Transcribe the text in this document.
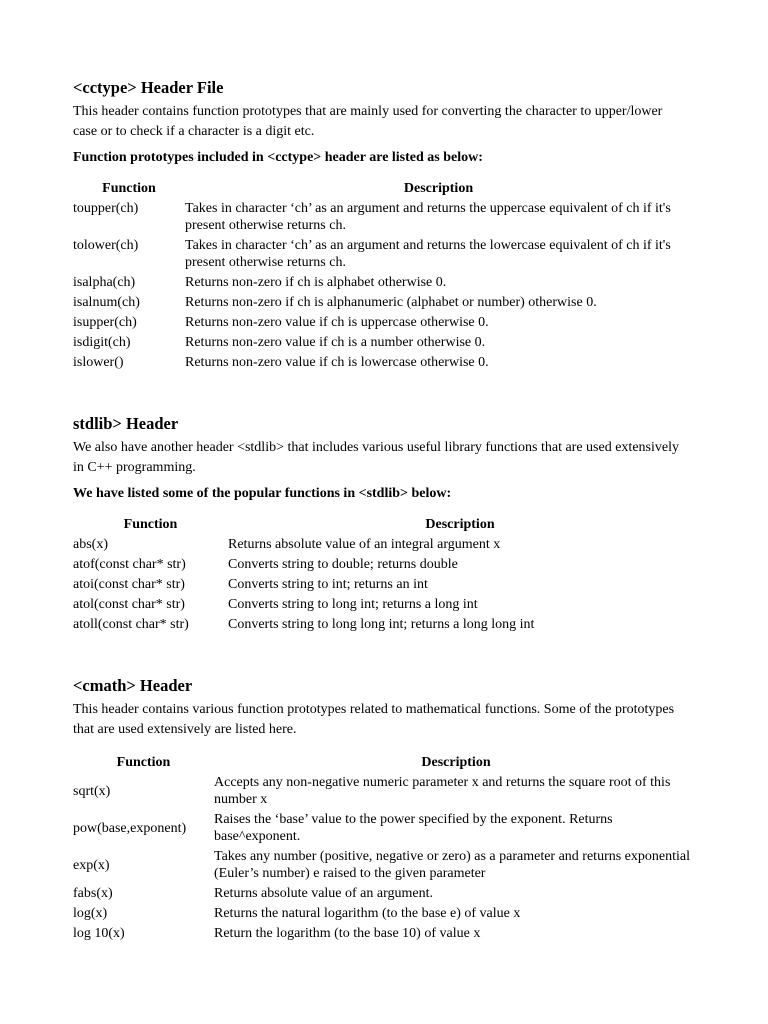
<cctype> Header File

This header contains function prototypes that are mainly used for converting the character to upper/lower case or to check if a character is a digit etc.

Function prototypes included in <cctype> header are listed as below:

Function	Description
toupper(ch)	Takes in character ‘ch’ as an argument and returns the uppercase equivalent of ch if it's present otherwise returns ch.
tolower(ch)	Takes in character ‘ch’ as an argument and returns the lowercase equivalent of ch if it's present otherwise returns ch.
isalpha(ch)	Returns non-zero if ch is alphabet otherwise 0.
isalnum(ch)	Returns non-zero if ch is alphanumeric (alphabet or number) otherwise 0.
isupper(ch)	Returns non-zero value if ch is uppercase otherwise 0.
isdigit(ch)	Returns non-zero value if ch is a number otherwise 0.
islower()	Returns non-zero value if ch is lowercase otherwise 0.
stdlib> Header

We also have another header <stdlib> that includes various useful library functions that are used extensively in C++ programming.

We have listed some of the popular functions in <stdlib> below:

Function	Description
abs(x)	Returns absolute value of an integral argument x
atof(const char* str)	Converts string to double; returns double
atoi(const char* str)	Converts string to int; returns an int
atol(const char* str)	Converts string to long int; returns a long int
atoll(const char* str)	Converts string to long long int; returns a long long int
<cmath> Header

This header contains various function prototypes related to mathematical functions. Some of the prototypes that are used extensively are listed here.

Function	Description
sqrt(x)	Accepts any non-negative numeric parameter x and returns the square root of this number x
pow(base,exponent)	Raises the ‘base’ value to the power specified by the exponent. Returns base^exponent.
exp(x)	Takes any number (positive, negative or zero) as a parameter and returns exponential (Euler’s number) e raised to the given parameter
fabs(x)	Returns absolute value of an argument.
log(x)	Returns the natural logarithm (to the base e) of value x
log 10(x)	Return the logarithm (to the base 10) of value x
